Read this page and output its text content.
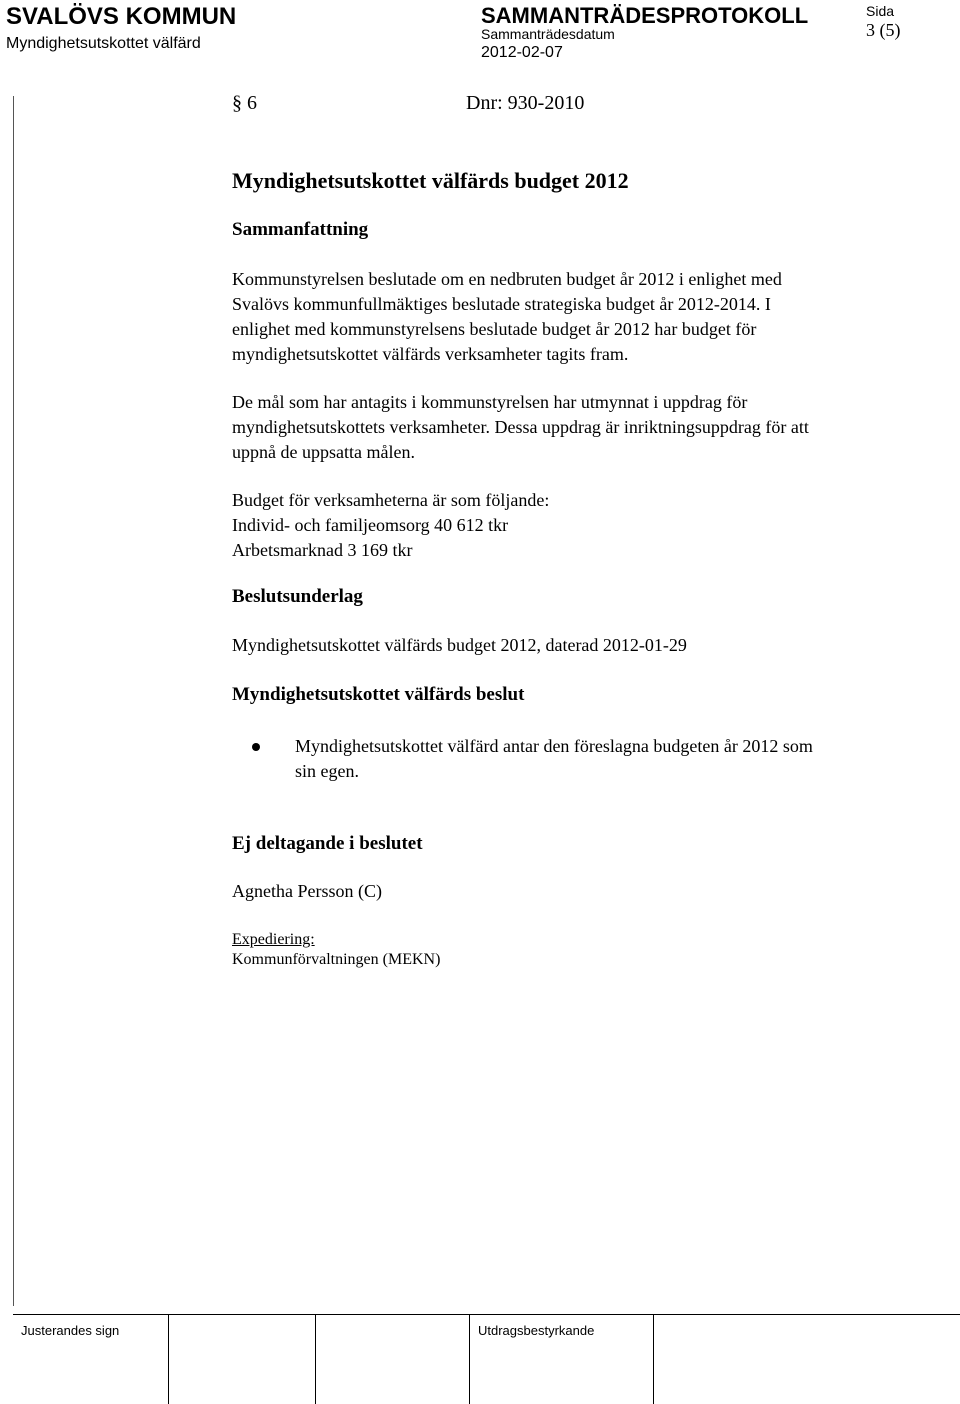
SVALÖVS KOMMUN
Myndighetsutskottet välfärd
SAMMANTRÄDESPROTOKOLL
Sammanträdesdatum
2012-02-07
Sida
3 (5)
§ 6	Dnr: 930-2010
Myndighetsutskottet välfärds budget 2012
Sammanfattning
Kommunstyrelsen beslutade om en nedbruten budget år 2012 i enlighet med
Svalövs kommunfullmäktiges beslutade strategiska budget år 2012-2014. I
enlighet med kommunstyrelsens beslutade budget år 2012 har budget för
myndighetsutskottet välfärds verksamheter tagits fram.
De mål som har antagits i kommunstyrelsen har utmynnat i uppdrag för
myndighetsutskottets verksamheter. Dessa uppdrag är inriktningsuppdrag för att
uppnå de uppsatta målen.
Budget för verksamheterna är som följande:
Individ- och familjeomsorg 40 612 tkr
Arbetsmarknad 3 169 tkr
Beslutsunderlag
Myndighetsutskottet välfärds budget 2012, daterad 2012-01-29
Myndighetsutskottet välfärds beslut
Myndighetsutskottet välfärd antar den föreslagna budgeten år 2012 som
sin egen.
Ej deltagande i beslutet
Agnetha Persson (C)
Expediering:
Kommunförvaltningen (MEKN)
Justerandes sign	Utdragsbestyrkande
